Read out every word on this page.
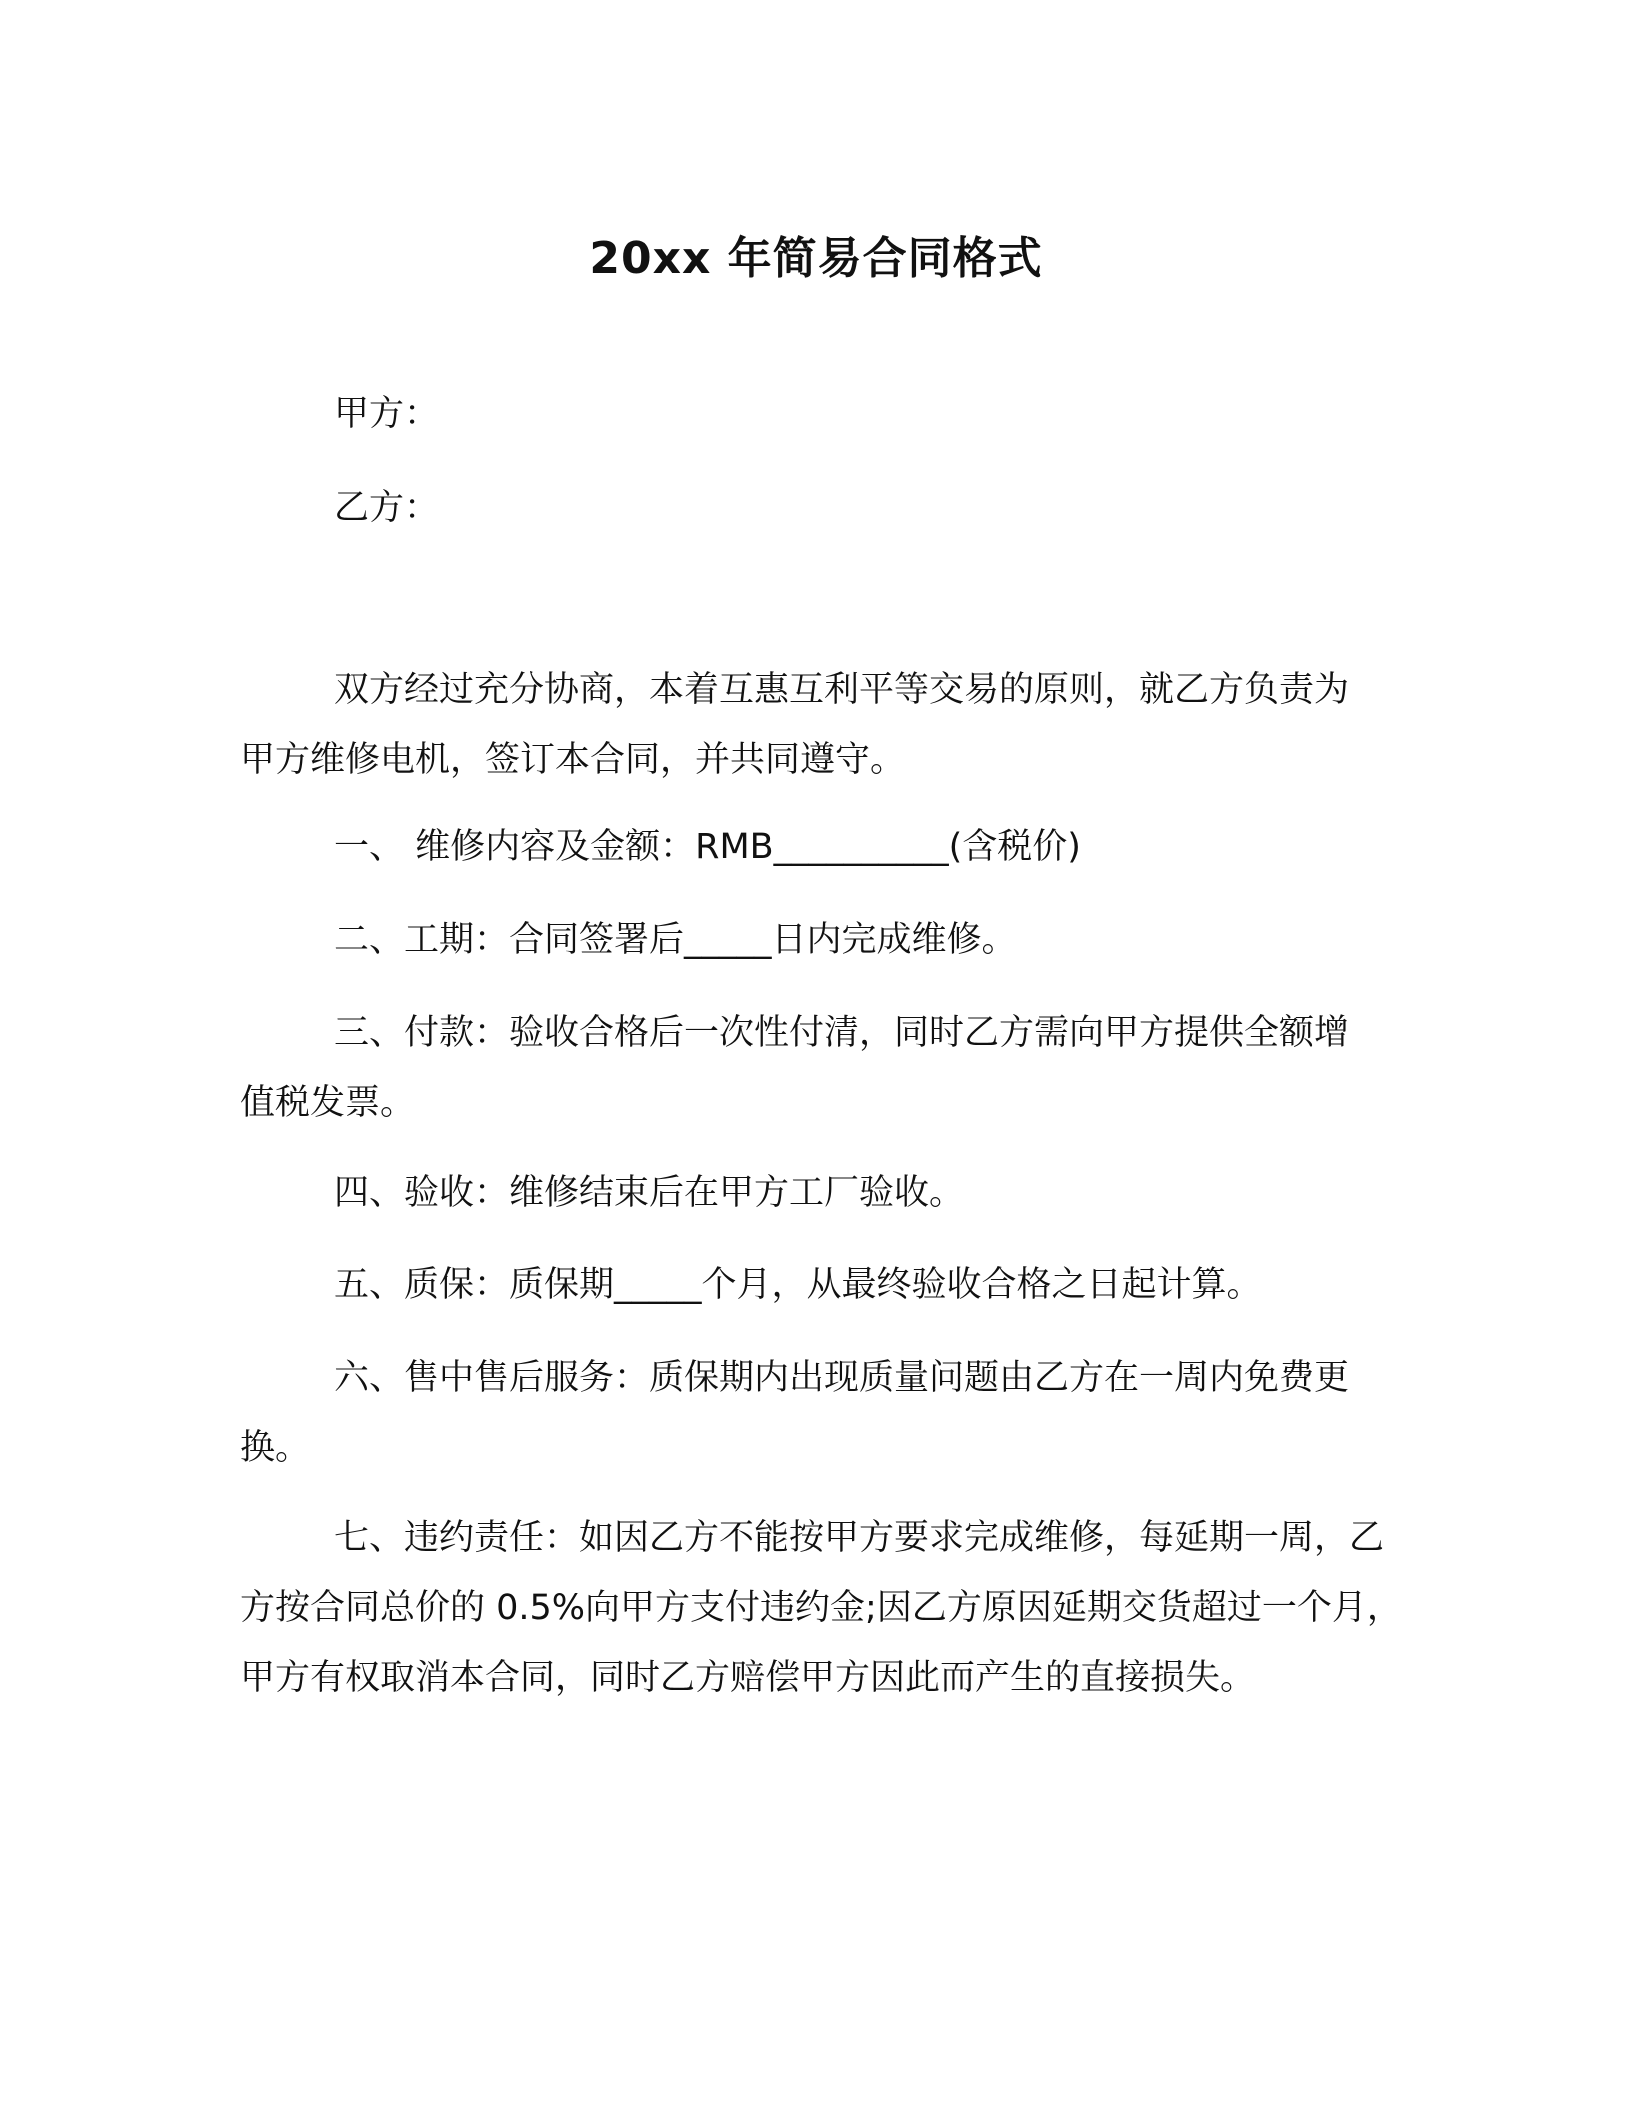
20xx 年简易合同格式
甲方：
乙方：
双方经过充分协商，本着互惠互利平等交易的原则，就乙方负责为甲方维修电机，签订本合同，并共同遵守。
一、 维修内容及金额：RMB__________(含税价)
二、工期：合同签署后_____日内完成维修。
三、付款：验收合格后一次性付清，同时乙方需向甲方提供全额增值税发票。
四、验收：维修结束后在甲方工厂验收。
五、质保：质保期_____个月，从最终验收合格之日起计算。
六、售中售后服务：质保期内出现质量问题由乙方在一周内免费更换。
七、违约责任：如因乙方不能按甲方要求完成维修，每延期一周，乙方按合同总价的 0.5%向甲方支付违约金;因乙方原因延期交货超过一个月，甲方有权取消本合同，同时乙方赔偿甲方因此而产生的直接损失。
